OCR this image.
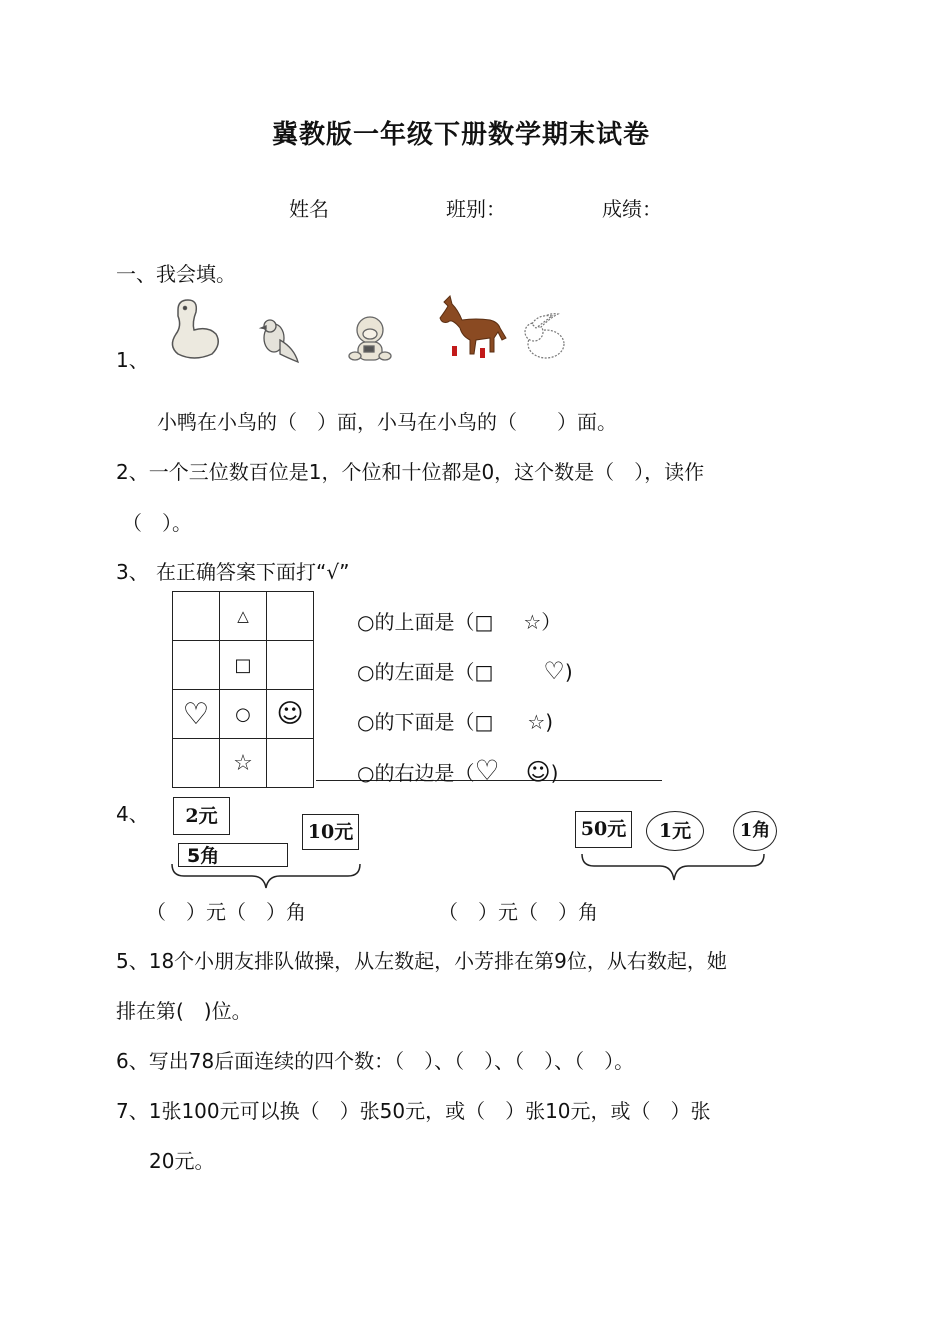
冀教版一年级下册数学期末试卷
姓名	班别：	成绩：
一、我会填。
1、
小鸭在小鸟的（　）面，小马在小鸟的（　　）面。
2、一个三位数百位是1，个位和十位都是0，这个数是（　），读作
（　）。
3、 在正确答案下面打“√”
	△	
	□	
♡	○	☺
	☆	
○的上面是（□ ☆）
○的左面是（□ ♡)
○的下面是（□ ☆)
○的右边是（♡ ☺)
4、	2元
10元
5角
（　）元（　）角
50元	1元	1角
（　）元（　）角
5、18个小朋友排队做操，从左数起，小芳排在第9位，从右数起，她
排在第(　)位。
6、写出78后面连续的四个数：（　）、（　）、（　）、（　）。
7、1张100元可以换（　）张50元，或（　）张10元，或（　）张
20元。
